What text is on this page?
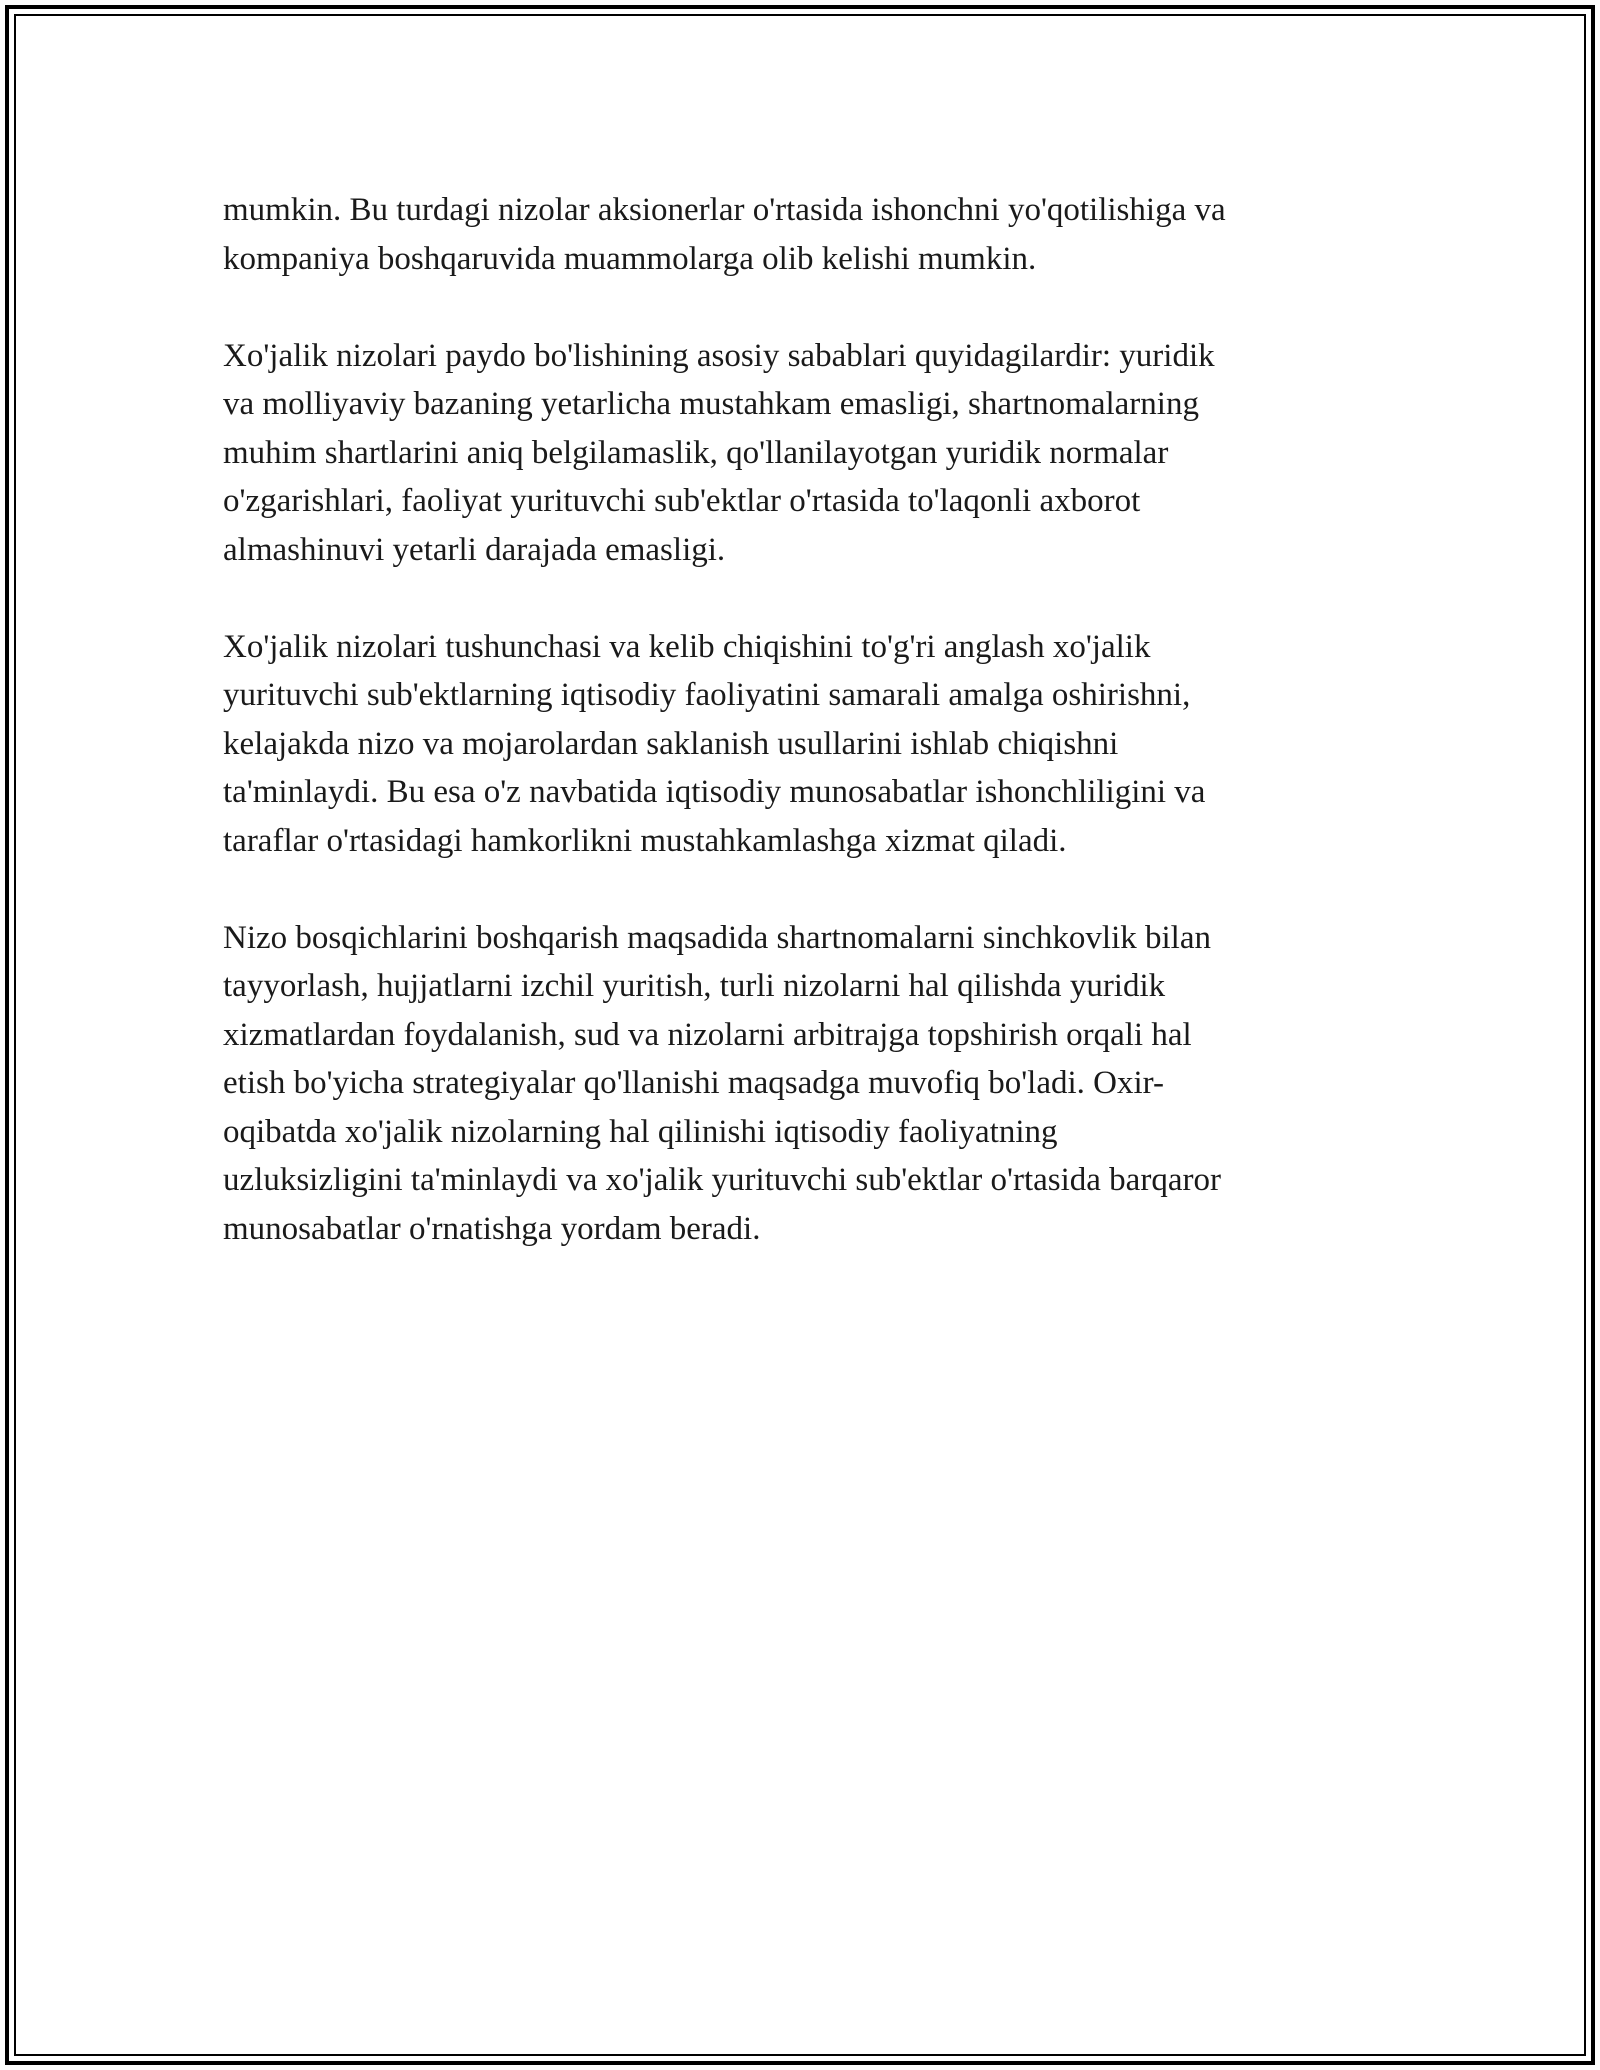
mumkin. Bu turdagi nizolar aksionerlar o'rtasida ishonchni yo'qotilishiga va
kompaniya boshqaruvida muammolarga olib kelishi mumkin.

Xo'jalik nizolari paydo bo'lishining asosiy sabablari quyidagilardir: yuridik
va molliyaviy bazaning yetarlicha mustahkam emasligi, shartnomalarning
muhim shartlarini aniq belgilamaslik, qo'llanilayotgan yuridik normalar
o'zgarishlari, faoliyat yurituvchi sub'ektlar o'rtasida to'laqonli axborot
almashinuvi yetarli darajada emasligi.

Xo'jalik nizolari tushunchasi va kelib chiqishini to'g'ri anglash xo'jalik
yurituvchi sub'ektlarning iqtisodiy faoliyatini samarali amalga oshirishni,
kelajakda nizo va mojarolardan saklanish usullarini ishlab chiqishni
ta'minlaydi. Bu esa o'z navbatida iqtisodiy munosabatlar ishonchliligini va
taraflar o'rtasidagi hamkorlikni mustahkamlashga xizmat qiladi.

Nizo bosqichlarini boshqarish maqsadida shartnomalarni sinchkovlik bilan
tayyorlash, hujjatlarni izchil yuritish, turli nizolarni hal qilishda yuridik
xizmatlardan foydalanish, sud va nizolarni arbitrajga topshirish orqali hal
etish bo'yicha strategiyalar qo'llanishi maqsadga muvofiq bo'ladi. Oxir-
oqibatda xo'jalik nizolarning hal qilinishi iqtisodiy faoliyatning
uzluksizligini ta'minlaydi va xo'jalik yurituvchi sub'ektlar o'rtasida barqaror
munosabatlar o'rnatishga yordam beradi.
